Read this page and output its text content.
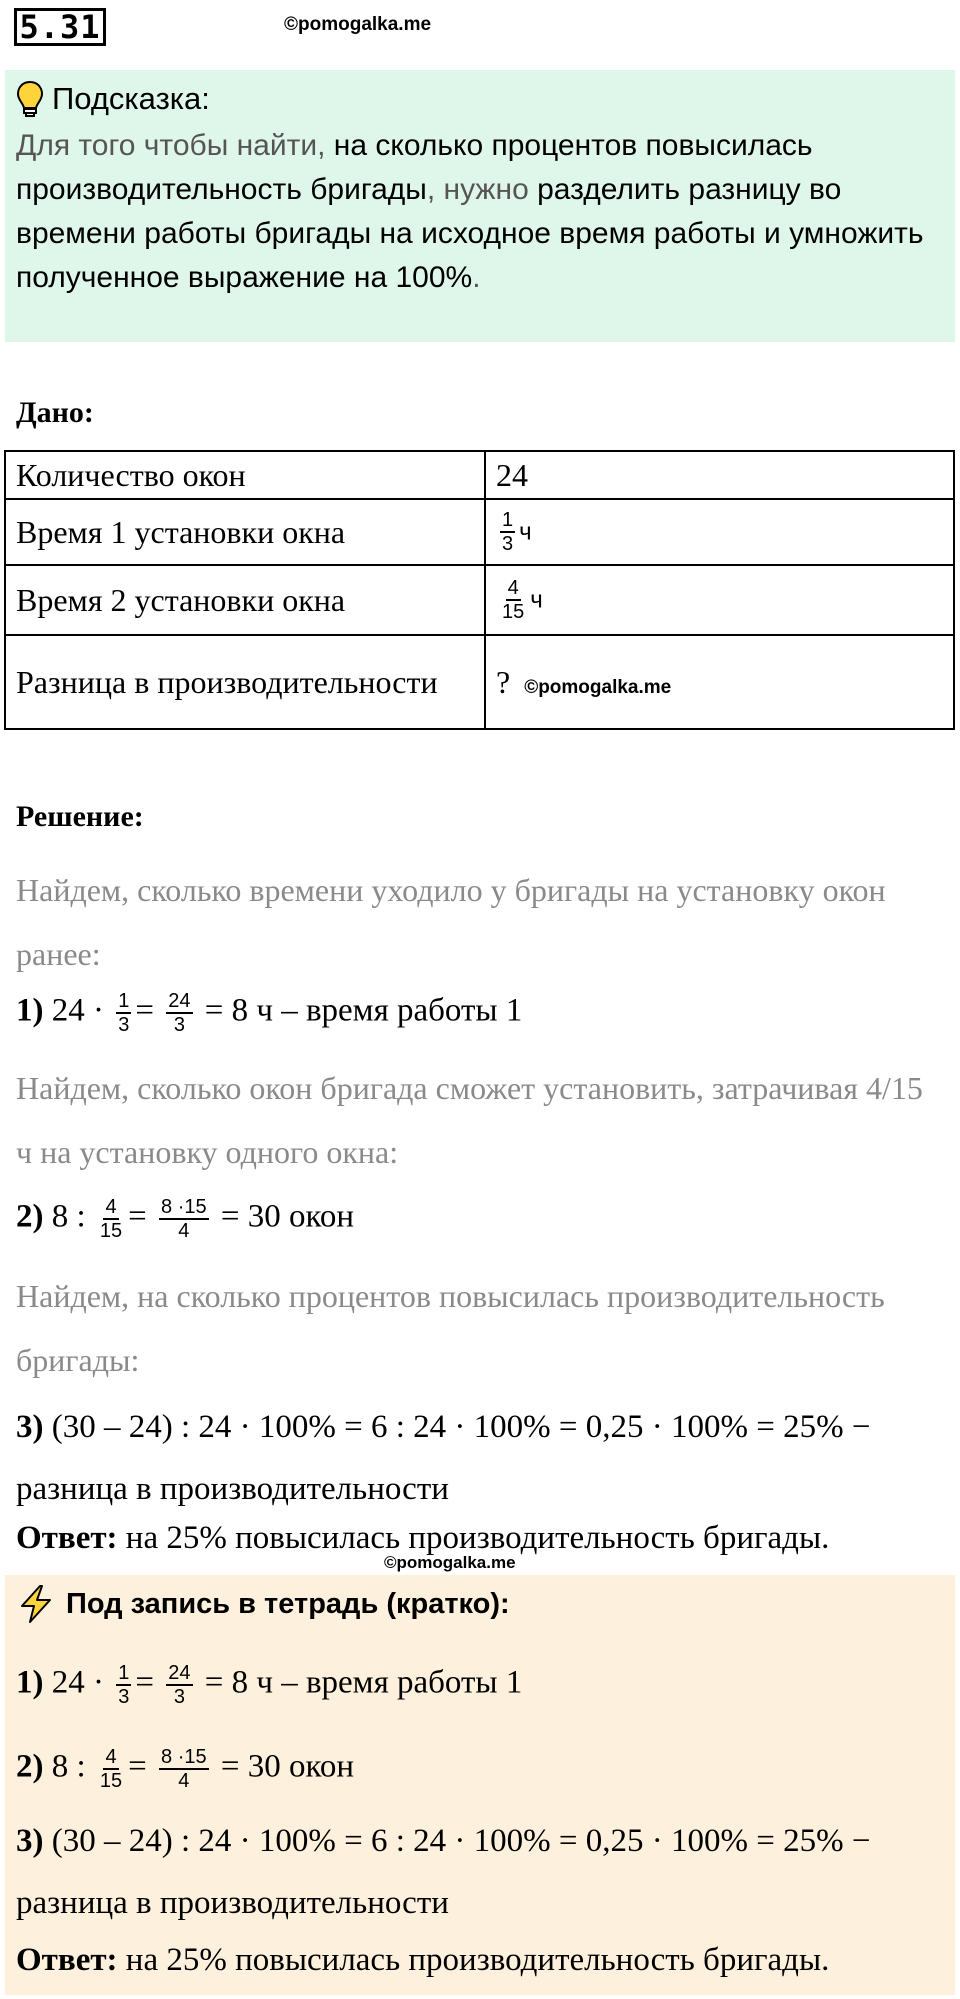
5.31	©pomogalka.me
Подсказка:
Для того чтобы найти, на сколько процентов повысилась производительность бригады, нужно разделить разницу во времени работы бригады на исходное время работы и умножить полученное выражение на 100%.
Дано:
Количество окон	24
Время 1 установки окна	$\frac{1}{3}$ ч
Время 2 установки окна	$\frac{4}{15}$ ч
Разница в производительности	? ©pomogalka.me
Решение:
Найдем, сколько времени уходило у бригады на установку окон ранее:
1) $24 \cdot \frac{1}{3} = \frac{24}{3} = 8$ ч – время работы 1
Найдем, сколько окон бригада сможет установить, затрачивая 4/15 ч на установку одного окна:
2) 8 : $\frac{4}{15} = \frac{8 \cdot 15}{4} = 30$ окон
Найдем, на сколько процентов повысилась производительность бригады:
3) (30 – 24) : 24 · 100% = 6 : 24 · 100% = 0,25 · 100% = 25% −
разница в производительности
Ответ: на 25% повысилась производительность бригады.
©pomogalka.me
Под запись в тетрадь (кратко):
1) $24 \cdot \frac{1}{3} = \frac{24}{3} = 8$ ч – время работы 1
2) 8 : $\frac{4}{15} = \frac{8 \cdot 15}{4} = 30$ окон
3) (30 – 24) : 24 · 100% = 6 : 24 · 100% = 0,25 · 100% = 25% −
разница в производительности
Ответ: на 25% повысилась производительность бригады.
